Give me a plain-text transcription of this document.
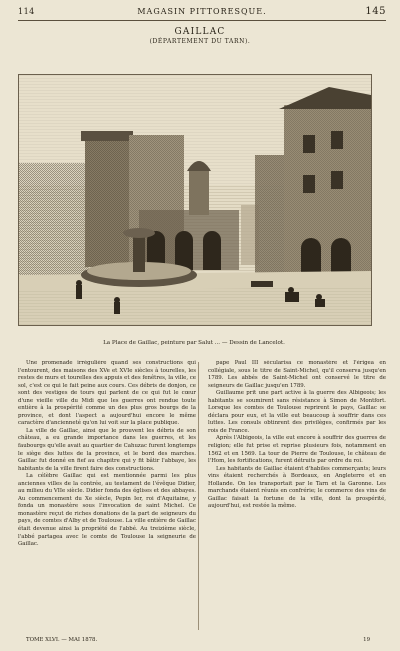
114	MAGASIN PITTORESQUE.	145
GAILLAC
(DÉPARTEMENT DU TARN).
La Place de Gaillac, peinture par Salut ... — Dessin de Lancelot.

Une promenade irrégulière quand ses constructions qui l'entourent, des maisons des XVe et XVIe siècles à tourelles, les restes de murs et tourelles des appuis et des fenêtres, la ville, ce sol, c'est ce qui le fait peine aux cours. Ces débris de donjon, ce sont des vestiges de tours qui parlent de ce qui fut le cœur d'une vieille ville du Midi que les guerres ont rendue toute entière à la prospérité comme un des plus gros bourgs de la province, et dont l'aspect a aujourd'hui encore le même caractère d'ancienneté qu'on lui voit sur la place publique.

La ville de Gaillac, ainsi que le prouvent les débris de son château, a eu grande importance dans les guerres, et les faubourgs qu'elle avait au quartier de Cahuzac furent longtemps le siège des luttes de la province, et le bord des marches. Gaillac fut donné en fief au chapitre qui y fit bâtir l'abbaye, les habitants de la ville firent faire des constructions.

La célèbre Gaillac qui est mentionnée parmi les plus anciennes villes de la contrée, au testament de l'évêque Didier, au milieu du VIIe siècle. Didier fonda des églises et des abbayes. Au commencement du Xe siècle, Pepin Ier, roi d'Aquitaine, y fonda un monastère sous l'invocation de saint Michel. Ce monastère reçut de riches donations de la part de seigneurs du pays, de comtes d'Alby et de Toulouse. La ville entière de Gaillac était devenue ainsi la propriété de l'abbé. Au treizième siècle, l'abbé partagea avec le comte de Toulouse la seigneurie de Gaillac.

pape Paul III sécularisa ce monastère et l'érigea en collégiale, sous le titre de Saint-Michel, qu'il conserva jusqu'en 1789. Les abbés de Saint-Michel ont conservé le titre de seigneurs de Gaillac jusqu'en 1789.

Guillaume prit une part active à la guerre des Albigeois; les habitants se soumirent sans résistance à Simon de Montfort. Lorsque les comtes de Toulouse reprirent le pays, Gaillac se déclara pour eux, et la ville eut beaucoup à souffrir dans ces luttes. Les consuls obtinrent des privilèges, confirmés par les rois de France.

Après l'Albigeois, la ville eut encore à souffrir des guerres de religion; elle fut prise et reprise plusieurs fois, notamment en 1562 et en 1569. La tour de Pierre de Toulouse, le château de l'Hom, les fortifications, furent détruits par ordre du roi.

Les habitants de Gaillac étaient d'habiles commerçants; leurs vins étaient recherchés à Bordeaux, en Angleterre et en Hollande. On les transportait par le Tarn et la Garonne. Les marchands étaient réunis en confrérie; le commerce des vins de Gaillac faisait la fortune de la ville, dont la prospérité, aujourd'hui, est restée la même.

TOME XLVI. — MAI 1878.	19
